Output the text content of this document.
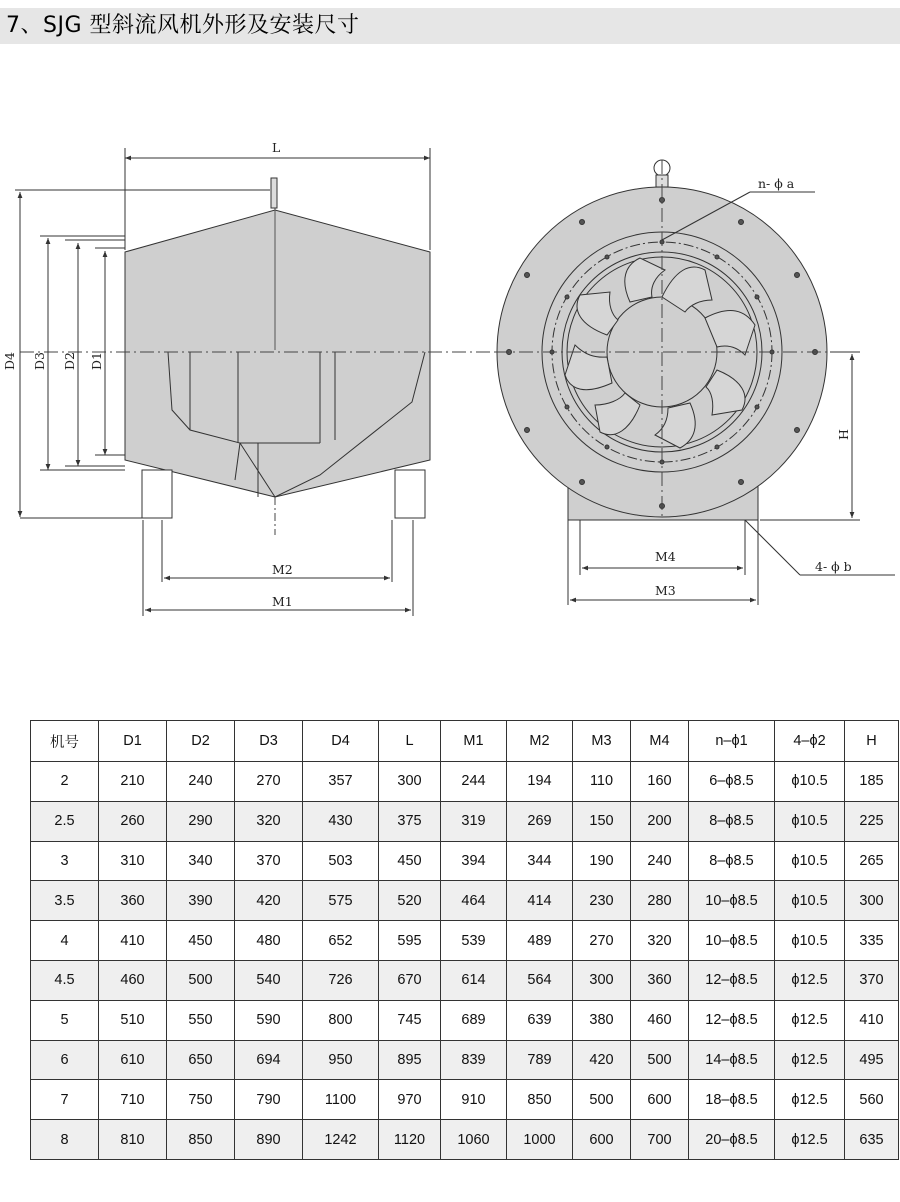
7、SJG 型斜流风机外形及安装尺寸
L
D4 D3 D2 D1
M2
M1
n- ϕ a
H
M4
M3
4- ϕ b
机号	D1	D2	D3	D4	L	M1	M2	M3	M4	n–ϕ1	4–ϕ2	H
2	210	240	270	357	300	244	194	110	160	6–ϕ8.5	ϕ10.5	185
2.5	260	290	320	430	375	319	269	150	200	8–ϕ8.5	ϕ10.5	225
3	310	340	370	503	450	394	344	190	240	8–ϕ8.5	ϕ10.5	265
3.5	360	390	420	575	520	464	414	230	280	10–ϕ8.5	ϕ10.5	300
4	410	450	480	652	595	539	489	270	320	10–ϕ8.5	ϕ10.5	335
4.5	460	500	540	726	670	614	564	300	360	12–ϕ8.5	ϕ12.5	370
5	510	550	590	800	745	689	639	380	460	12–ϕ8.5	ϕ12.5	410
6	610	650	694	950	895	839	789	420	500	14–ϕ8.5	ϕ12.5	495
7	710	750	790	1100	970	910	850	500	600	18–ϕ8.5	ϕ12.5	560
8	810	850	890	1242	1120	1060	1000	600	700	20–ϕ8.5	ϕ12.5	635
